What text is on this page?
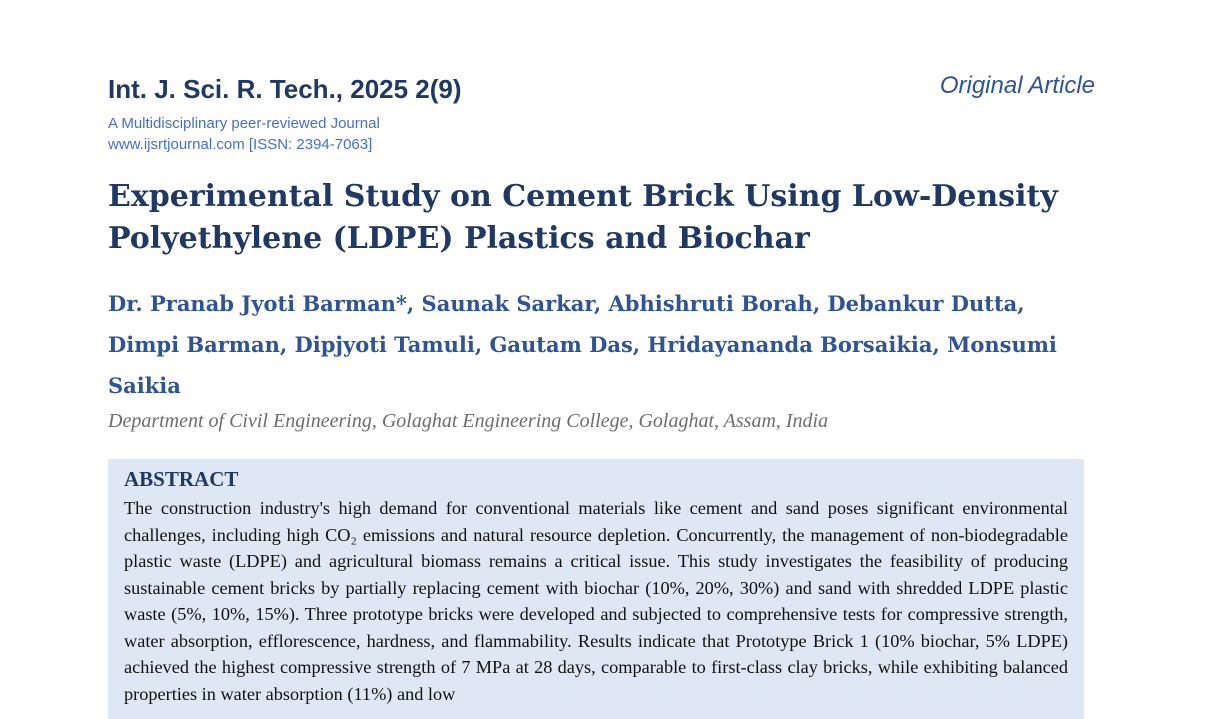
Int. J. Sci. R. Tech., 2025 2(9)
A Multidisciplinary peer-reviewed Journal
www.ijsrtjournal.com [ISSN: 2394-7063]
Original Article
Experimental Study on Cement Brick Using Low-Density Polyethylene (LDPE) Plastics and Biochar
Dr. Pranab Jyoti Barman*, Saunak Sarkar, Abhishruti Borah, Debankur Dutta, Dimpi Barman, Dipjyoti Tamuli, Gautam Das, Hridayananda Borsaikia, Monsumi Saikia
Department of Civil Engineering, Golaghat Engineering College, Golaghat, Assam, India
ABSTRACT
The construction industry's high demand for conventional materials like cement and sand poses significant environmental challenges, including high CO₂ emissions and natural resource depletion. Concurrently, the management of non-biodegradable plastic waste (LDPE) and agricultural biomass remains a critical issue. This study investigates the feasibility of producing sustainable cement bricks by partially replacing cement with biochar (10%, 20%, 30%) and sand with shredded LDPE plastic waste (5%, 10%, 15%). Three prototype bricks were developed and subjected to comprehensive tests for compressive strength, water absorption, efflorescence, hardness, and flammability. Results indicate that Prototype Brick 1 (10% biochar, 5% LDPE) achieved the highest compressive strength of 7 MPa at 28 days, comparable to first-class clay bricks, while exhibiting balanced properties in water absorption (11%) and low
